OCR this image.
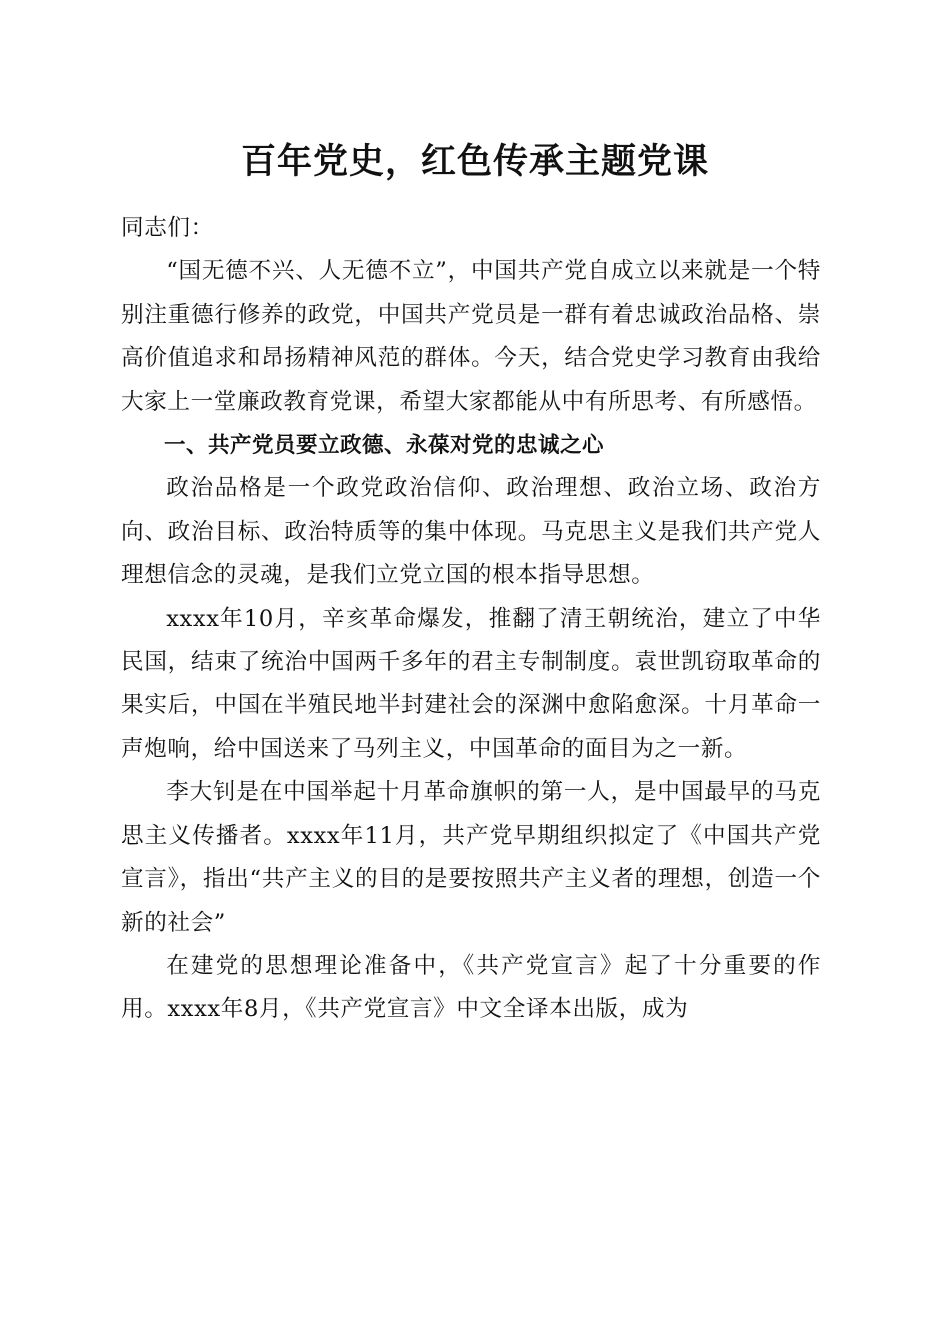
百年党史，红色传承主题党课

同志们：

“国无德不兴、人无德不立”，中国共产党自成立以来就是一个特别注重德行修养的政党，中国共产党员是一群有着忠诚政治品格、崇高价值追求和昂扬精神风范的群体。今天，结合党史学习教育由我给大家上一堂廉政教育党课，希望大家都能从中有所思考、有所感悟。

一、共产党员要立政德、永葆对党的忠诚之心

政治品格是一个政党政治信仰、政治理想、政治立场、政治方向、政治目标、政治特质等的集中体现。马克思主义是我们共产党人理想信念的灵魂，是我们立党立国的根本指导思想。

xxxx年10月，辛亥革命爆发，推翻了清王朝统治，建立了中华民国，结束了统治中国两千多年的君主专制制度。袁世凯窃取革命的果实后，中国在半殖民地半封建社会的深渊中愈陷愈深。十月革命一声炮响，给中国送来了马列主义，中国革命的面目为之一新。

李大钊是在中国举起十月革命旗帜的第一人，是中国最早的马克思主义传播者。xxxx年11月，共产党早期组织拟定了《中国共产党宣言》，指出“共产主义的目的是要按照共产主义者的理想，创造一个新的社会”

在建党的思想理论准备中，《共产党宣言》起了十分重要的作用。xxxx年8月，《共产党宣言》中文全译本出版，成为
